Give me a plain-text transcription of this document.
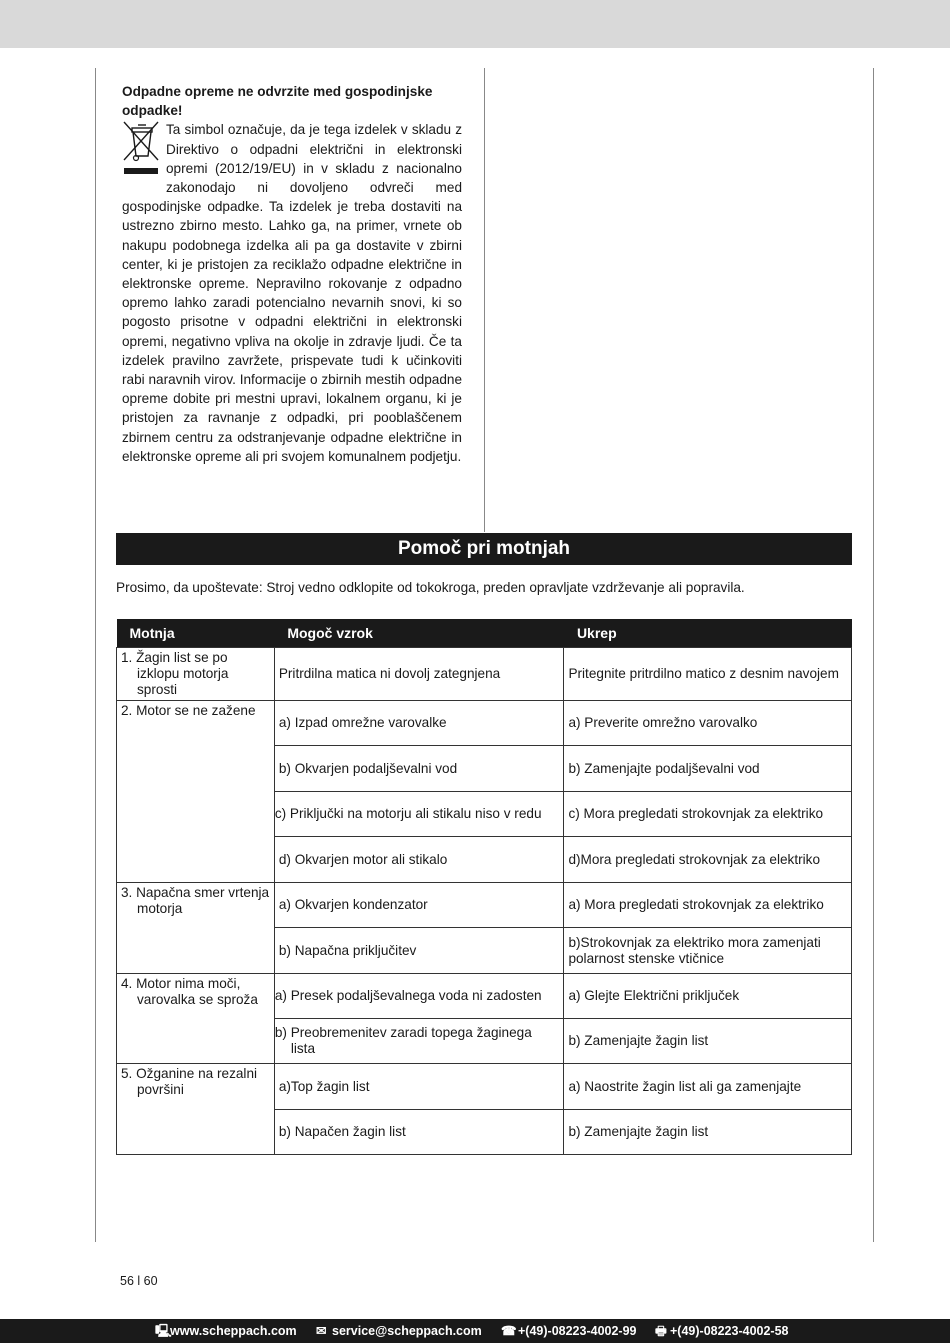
Odpadne opreme ne odvrzite med gospodinjske odpadke!

Ta simbol označuje, da je tega izdelek v skladu z Direktivo o odpadni električni in elektronski opremi (2012/19/EU) in v skladu z nacionalno zakonodajo ni dovoljeno odvreči med gospodinjske odpadke. Ta izdelek je treba dostaviti na ustrezno zbirno mesto. Lahko ga, na primer, vrnete ob nakupu podobnega izdelka ali pa ga dostavite v zbirni center, ki je pristojen za reciklažo odpadne električne in elektronske opreme. Nepravilno rokovanje z odpadno opremo lahko zaradi potencialno nevarnih snovi, ki so pogosto prisotne v odpadni električni in elektronski opremi, negativno vpliva na okolje in zdravje ljudi. Če ta izdelek pravilno zavržete, prispevate tudi k učinkoviti rabi naravnih virov. Informacije o zbirnih mestih odpadne opreme dobite pri mestni upravi, lokalnem organu, ki je pristojen za ravnanje z odpadki, pri pooblaščenem zbirnem centru za odstranjevanje odpadne električne in elektronske opreme ali pri svojem komunalnem podjetju.

Pomoč pri motnjah
Prosimo, da upoštevate: Stroj vedno odklopite od tokokroga, preden opravljate vzdrževanje ali popravila.
Motnja	Mogoč vzrok	Ukrep
1. Žagin list se po izklopu motorja sprosti	Pritrdilna matica ni dovolj zategnjena	Pritegnite pritrdilno matico z desnim navojem
2. Motor se ne zažene	a) Izpad omrežne varovalke	a) Preverite omrežno varovalko
	b) Okvarjen podaljševalni vod	b) Zamenjajte podaljševalni vod
	c) Priključki na motorju ali stikalu niso v redu	c) Mora pregledati strokovnjak za elektriko
	d) Okvarjen motor ali stikalo	d)Mora pregledati strokovnjak za elektriko
3. Napačna smer vrtenja motorja	a) Okvarjen kondenzator	a) Mora pregledati strokovnjak za elektriko
	b) Napačna priključitev	b)Strokovnjak za elektriko mora zamenjati polarnost stenske vtičnice
4. Motor nima moči, varovalka se sproža	a) Presek podaljševalnega voda ni zadosten	a) Glejte Električni priključek
	b) Preobremenitev zaradi topega žaginega lista	b) Zamenjajte žagin list
5. Ožganine na rezalni površini	a)Top žagin list	a) Naostrite žagin list ali ga zamenjajte
	b) Napačen žagin list	b) Zamenjajte žagin list
56 l 60
🖳︎
www.scheppach.com ✉︎ service@scheppach.com ☎ +(49)-08223-4002-99 🖶︎ +(49)-08223-4002-58
